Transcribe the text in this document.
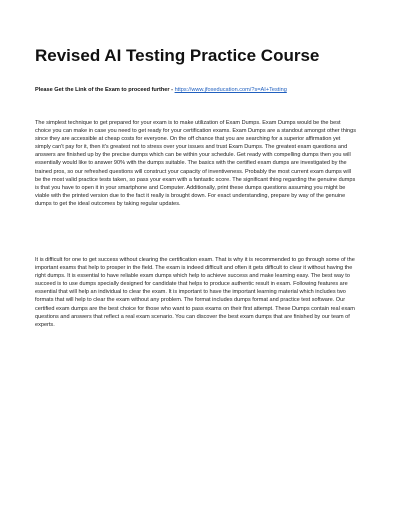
Revised AI Testing Practice Course

Please Get the Link of the Exam to proceed further - https://www.jfoxeducation.com/?s=AI+Testing

The simplest technique to get prepared for your exam is to make utilization of Exam Dumps. Exam Dumps would be the best choice you can make in case you need to get ready for your certification exams. Exam Dumps are a standout amongst other things since they are accessible at cheap costs for everyone. On the off chance that you are searching for a superior affirmation yet simply can't pay for it, then it's greatest not to stress over your issues and trust Exam Dumps. The greatest exam questions and answers are finished up by the precise dumps which can be within your schedule. Get ready with compelling dumps then you will essentially would like to answer 90% with the dumps suitable. The basics with the certified exam dumps are investigated by the trained pros, so our refreshed questions will construct your capacity of inventiveness. Probably the most current exam dumps will be the most valid practice tests taken, so pass your exam with a fantastic score. The significant thing regarding the genuine dumps is that you have to open it in your smartphone and Computer. Additionally, print these dumps questions assuming you might be viable with the printed version due to the fact it really is brought down. For exact understanding, prepare by way of the genuine dumps to get the ideal outcomes by taking regular updates.

It is difficult for one to get success without clearing the certification exam. That is why it is recommended to go through some of the important exams that help to prosper in the field. The exam is indeed difficult and often it gets difficult to clear it without having the right dumps. It is essential to have reliable exam dumps which help to achieve success and make learning easy. The best way to succeed is to use dumps specially designed for candidate that helps to produce authentic result in exam. Following features are essential that will help an individual to clear the exam. It is important to have the important learning material which includes two formats that will help to clear the exam without any problem. The format includes dumps format and practice test software. Our certified exam dumps are the best choice for those who want to pass exams on their first attempt. These Dumps contain real exam questions and answers that reflect a real exam scenario. You can discover the best exam dumps that are finished by our team of experts.
